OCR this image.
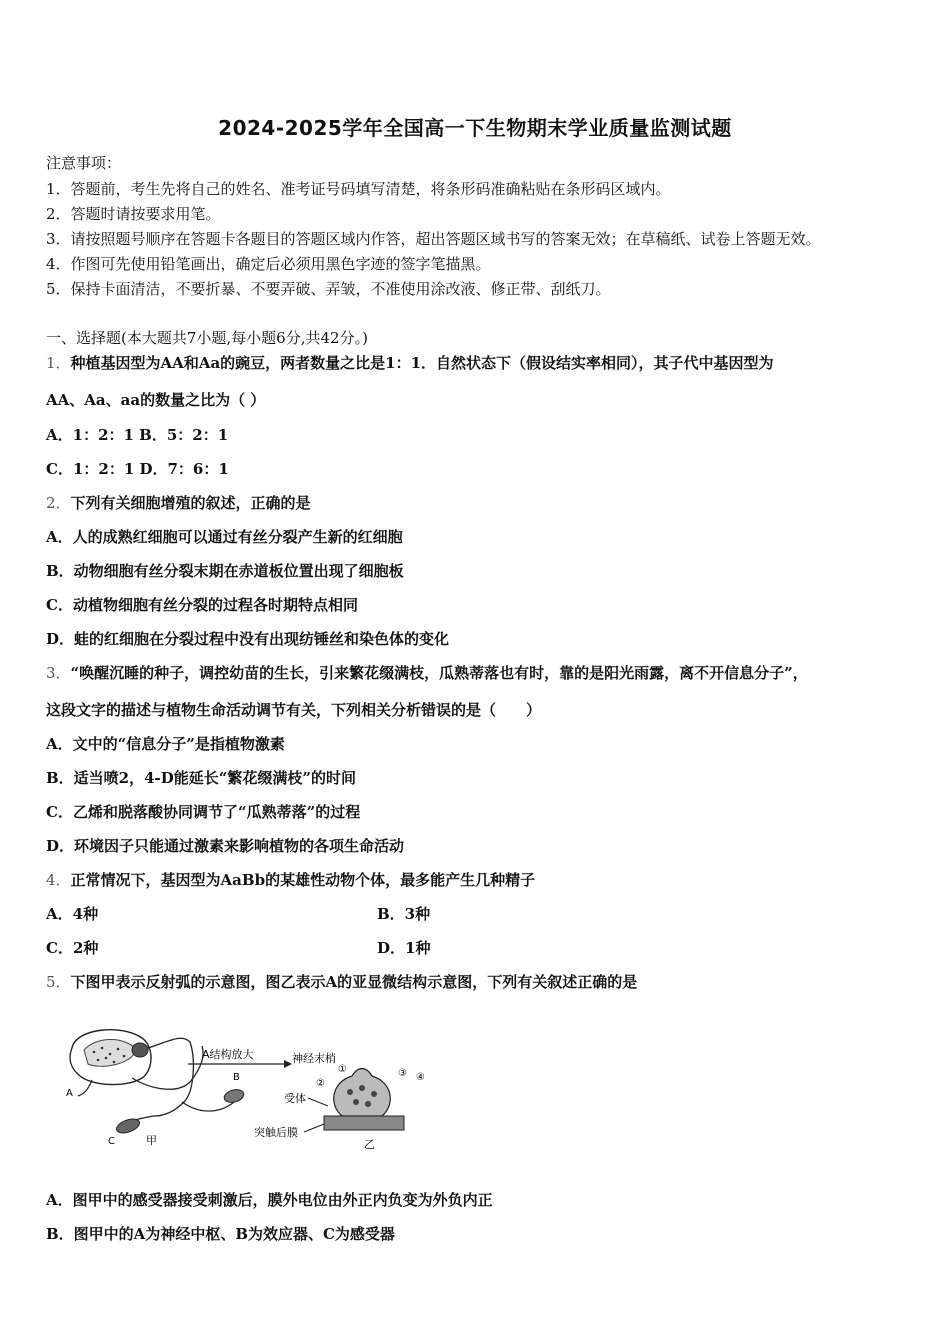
2024-2025学年全国高一下生物期末学业质量监测试题
注意事项：
1．答题前，考生先将自己的姓名、准考证号码填写清楚，将条形码准确粘贴在条形码区域内。
2．答题时请按要求用笔。
3．请按照题号顺序在答题卡各题目的答题区域内作答，超出答题区域书写的答案无效；在草稿纸、试卷上答题无效。
4．作图可先使用铅笔画出，确定后必须用黑色字迹的签字笔描黑。
5．保持卡面清洁，不要折暴、不要弄破、弄皱，不准使用涂改液、修正带、刮纸刀。
一、选择题(本大题共7小题,每小题6分,共42分。)
1．种植基因型为AA和Aa的豌豆，两者数量之比是1：1．自然状态下（假设结实率相同），其子代中基因型为
AA、Aa、aa的数量之比为（ ）
A．1：2：1 B．5：2：1
C．1：2：1 D．7：6：1
2．下列有关细胞增殖的叙述，正确的是
A．人的成熟红细胞可以通过有丝分裂产生新的红细胞
B．动物细胞有丝分裂末期在赤道板位置出现了细胞板
C．动植物细胞有丝分裂的过程各时期特点相同
D．蛙的红细胞在分裂过程中没有出现纺锤丝和染色体的变化
3．“唤醒沉睡的种子，调控幼苗的生长，引来繁花缀满枝，瓜熟蒂落也有时，靠的是阳光雨露，离不开信息分子”，
这段文字的描述与植物生命活动调节有关，下列相关分析错误的是（　　）
A．文中的“信息分子”是指植物激素
B．适当喷2，4-D能延长“繁花缀满枝”的时间
C．乙烯和脱落酸协同调节了“瓜熟蒂落”的过程
D．环境因子只能通过激素来影响植物的各项生命活动
4．正常情况下，基因型为AaBb的某雄性动物个体，最多能产生几种精子
A．4种	B．3种
C．2种	D．1种
5．下图甲表示反射弧的示意图，图乙表示A的亚显微结构示意图，下列有关叙述正确的是
B
C
A
甲
A结构放大	神经末梢
受体
突触后膜
①
②
③ ④
乙
A．图甲中的感受器接受刺激后，膜外电位由外正内负变为外负内正
B．图甲中的A为神经中枢、B为效应器、C为感受器
